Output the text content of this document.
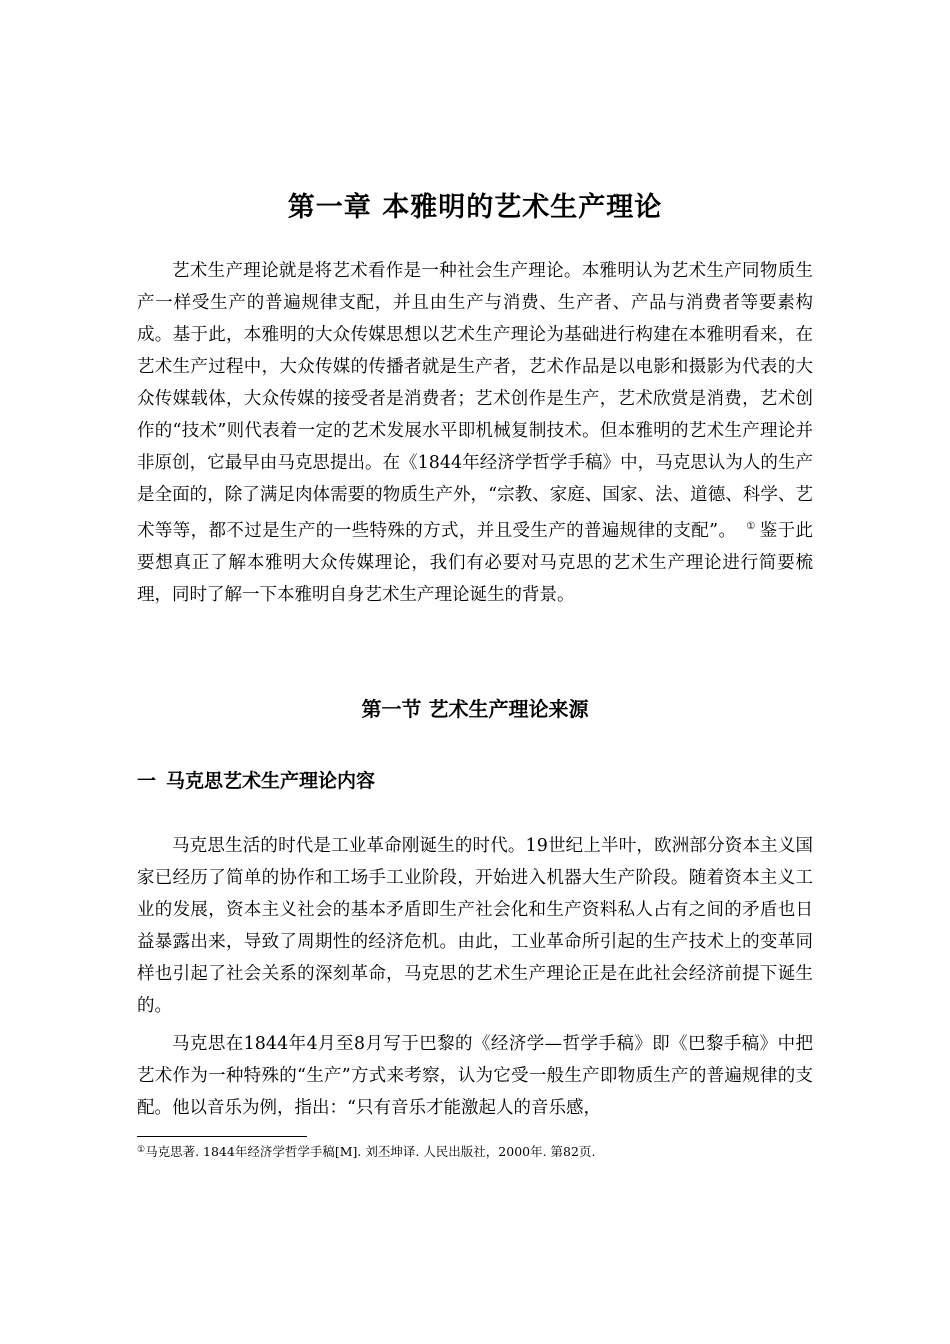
第一章 本雅明的艺术生产理论

艺术生产理论就是将艺术看作是一种社会生产理论。本雅明认为艺术生产同物质生产一样受生产的普遍规律支配，并且由生产与消费、生产者、产品与消费者等要素构成。基于此，本雅明的大众传媒思想以艺术生产理论为基础进行构建在本雅明看来，在艺术生产过程中，大众传媒的传播者就是生产者，艺术作品是以电影和摄影为代表的大众传媒载体，大众传媒的接受者是消费者；艺术创作是生产，艺术欣赏是消费，艺术创作的“技术”则代表着一定的艺术发展水平即机械复制技术。但本雅明的艺术生产理论并非原创，它最早由马克思提出。在《1844年经济学哲学手稿》中，马克思认为人的生产是全面的，除了满足肉体需要的物质生产外，“宗教、家庭、国家、法、道德、科学、艺术等等，都不过是生产的一些特殊的方式，并且受生产的普遍规律的支配”。 ① 鉴于此要想真正了解本雅明大众传媒理论，我们有必要对马克思的艺术生产理论进行简要梳理，同时了解一下本雅明自身艺术生产理论诞生的背景。

第一节 艺术生产理论来源
一 马克思艺术生产理论内容

马克思生活的时代是工业革命刚诞生的时代。19世纪上半叶，欧洲部分资本主义国家已经历了简单的协作和工场手工业阶段，开始进入机器大生产阶段。随着资本主义工业的发展，资本主义社会的基本矛盾即生产社会化和生产资料私人占有之间的矛盾也日益暴露出来，导致了周期性的经济危机。由此，工业革命所引起的生产技术上的变革同样也引起了社会关系的深刻革命，马克思的艺术生产理论正是在此社会经济前提下诞生的。

马克思在1844年4月至8月写于巴黎的《经济学—哲学手稿》即《巴黎手稿》中把艺术作为一种特殊的“生产”方式来考察，认为它受一般生产即物质生产的普遍规律的支配。他以音乐为例，指出：“只有音乐才能激起人的音乐感，

①马克思著. 1844年经济学哲学手稿[M]. 刘丕坤译. 人民出版社，2000年. 第82页.
